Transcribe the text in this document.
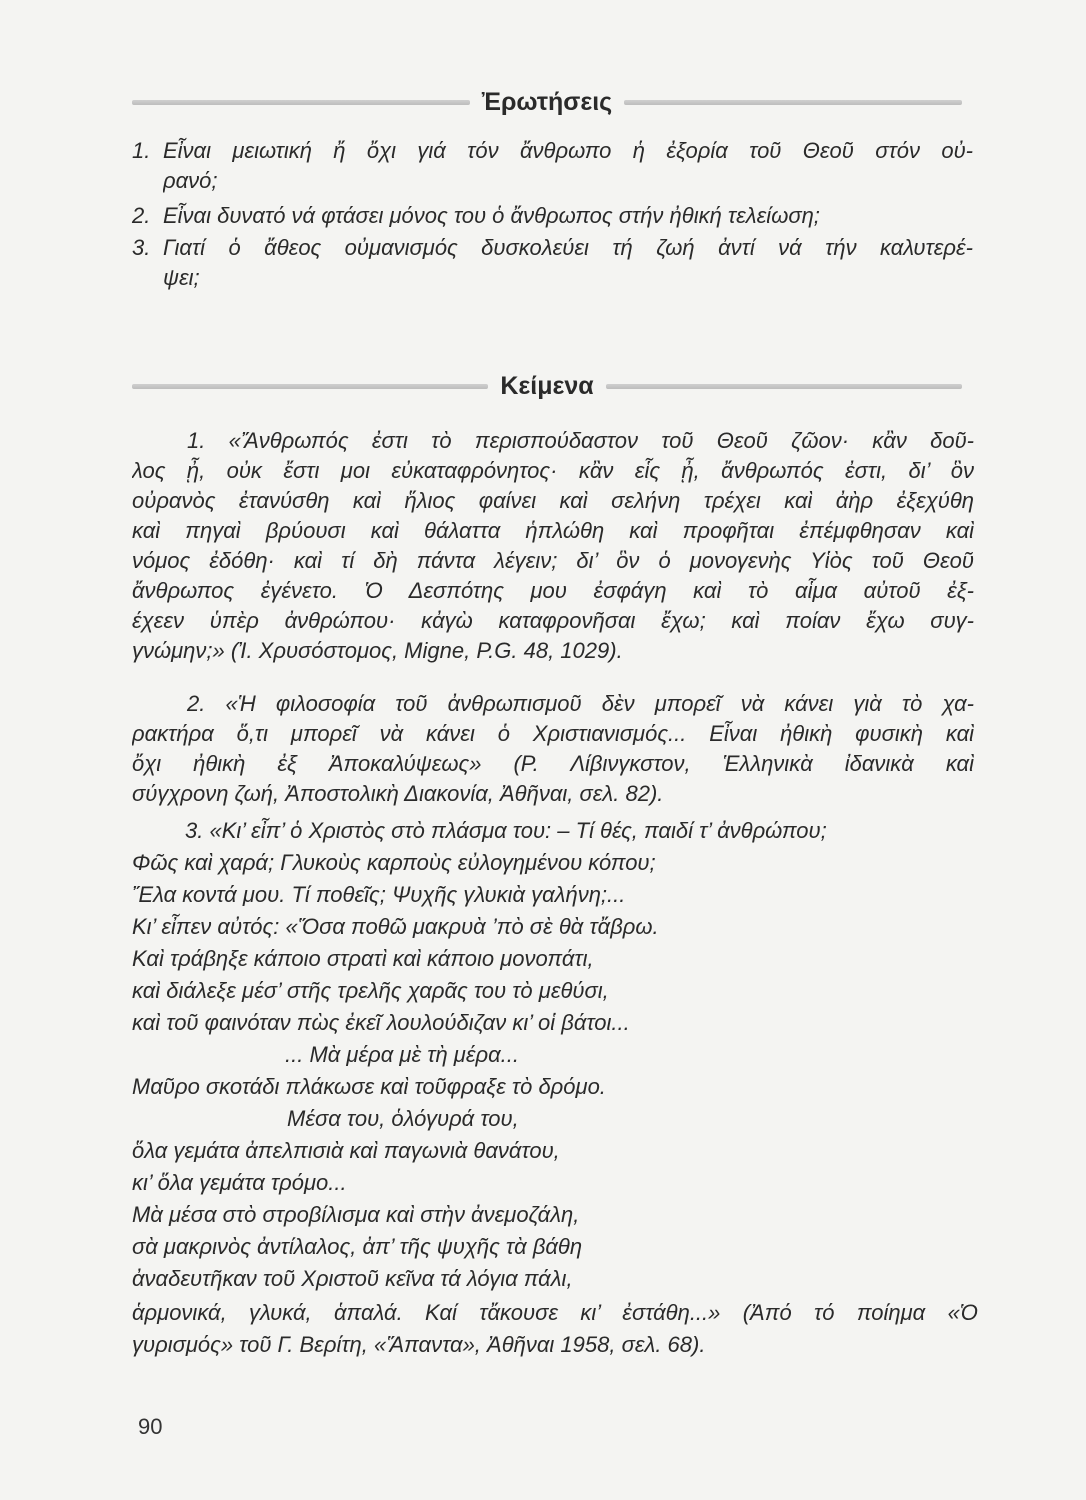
Ἐρωτήσεις
1. Εἶναι μειωτική ἤ ὄχι γιά τόν ἄνθρωπο ἡ ἐξορία τοῦ Θεοῦ στόν οὐ-
ρανό;
2. Εἶναι δυνατό νά φτάσει μόνος του ὁ ἄνθρωπος στήν ἠθική τελείωση;
3. Γιατί ὁ ἄθεος οὐμανισμός δυσκολεύει τή ζωή ἀντί νά τήν καλυτερέ-
ψει;
Κείμενα
1. «Ἄνθρωπός ἐστι τὸ περισπούδαστον τοῦ Θεοῦ ζῶον· κἂν δοῦ-
λος ᾖ, οὐκ ἔστι μοι εὐκαταφρόνητος· κἂν εἷς ᾖ, ἄνθρωπός ἐστι, δι’ ὃν
οὐρανὸς ἐτανύσθη καὶ ἥλιος φαίνει καὶ σελήνη τρέχει καὶ ἀὴρ ἐξεχύθη
καὶ πηγαὶ βρύουσι καὶ θάλαττα ἡπλώθη καὶ προφῆται ἐπέμφθησαν καὶ
νόμος ἐδόθη· καὶ τί δὴ πάντα λέγειν; δι’ ὃν ὁ μονογενὴς Υἱὸς τοῦ Θεοῦ
ἄνθρωπος ἐγένετο. Ὁ Δεσπότης μου ἐσφάγη καὶ τὸ αἷμα αὐτοῦ ἐξ-
έχεεν ὑπὲρ ἀνθρώπου· κἀγὼ καταφρονῆσαι ἔχω; καὶ ποίαν ἔχω συγ-
γνώμην;» (Ἰ. Χρυσόστομος, Migne, P.G. 48, 1029).
2. «Ἡ φιλοσοφία τοῦ ἀνθρωπισμοῦ δὲν μπορεῖ νὰ κάνει γιὰ τὸ χα-
ρακτήρα ὅ,τι μπορεῖ νὰ κάνει ὁ Χριστιανισμός... Εἶναι ἠθικὴ φυσικὴ καὶ
ὄχι ἠθικὴ ἐξ Ἀποκαλύψεως» (Ρ. Λίβινγκστον, Ἑλληνικὰ ἰδανικὰ καὶ
σύγχρονη ζωή, Ἀποστολικὴ Διακονία, Ἀθῆναι, σελ. 82).
3. «Κι’ εἶπ’ ὁ Χριστὸς στὸ πλάσμα του: – Τί θές, παιδί τ’ ἀνθρώπου;
Φῶς καὶ χαρά; Γλυκοὺς καρποὺς εὐλογημένου κόπου;
Ἔλα κοντά μου. Τί ποθεῖς; Ψυχῆς γλυκιὰ γαλήνη;...
Κι’ εἶπεν αὐτός: «Ὅσα ποθῶ μακρυὰ ’πὸ σὲ θὰ τἄβρω.
Καὶ τράβηξε κάποιο στρατὶ καὶ κάποιο μονοπάτι,
καὶ διάλεξε μέσ’ στῆς τρελῆς χαρᾶς του τὸ μεθύσι,
καὶ τοῦ φαινόταν πὼς ἐκεῖ λουλούδιζαν κι’ οἱ βάτοι...
... Μὰ μέρα μὲ τὴ μέρα...
Μαῦρο σκοτάδι πλάκωσε καὶ τοῦφραξε τὸ δρόμο.
Μέσα του, ὁλόγυρά του,
ὅλα γεμάτα ἀπελπισιὰ καὶ παγωνιὰ θανάτου,
κι’ ὅλα γεμάτα τρόμο...
Μὰ μέσα στὸ στροβίλισμα καὶ στὴν ἀνεμοζάλη,
σὰ μακρινὸς ἀντίλαλος, ἀπ’ τῆς ψυχῆς τὰ βάθη
ἀναδευτῆκαν τοῦ Χριστοῦ κεῖνα τά λόγια πάλι,
ἁρμονικά, γλυκά, ἁπαλά. Καί τἄκουσε κι’ ἐστάθη...» (Ἀπό τό ποίημα «Ὁ
γυρισμός» τοῦ Γ. Βερίτη, «Ἅπαντα», Ἀθῆναι 1958, σελ. 68).
90
